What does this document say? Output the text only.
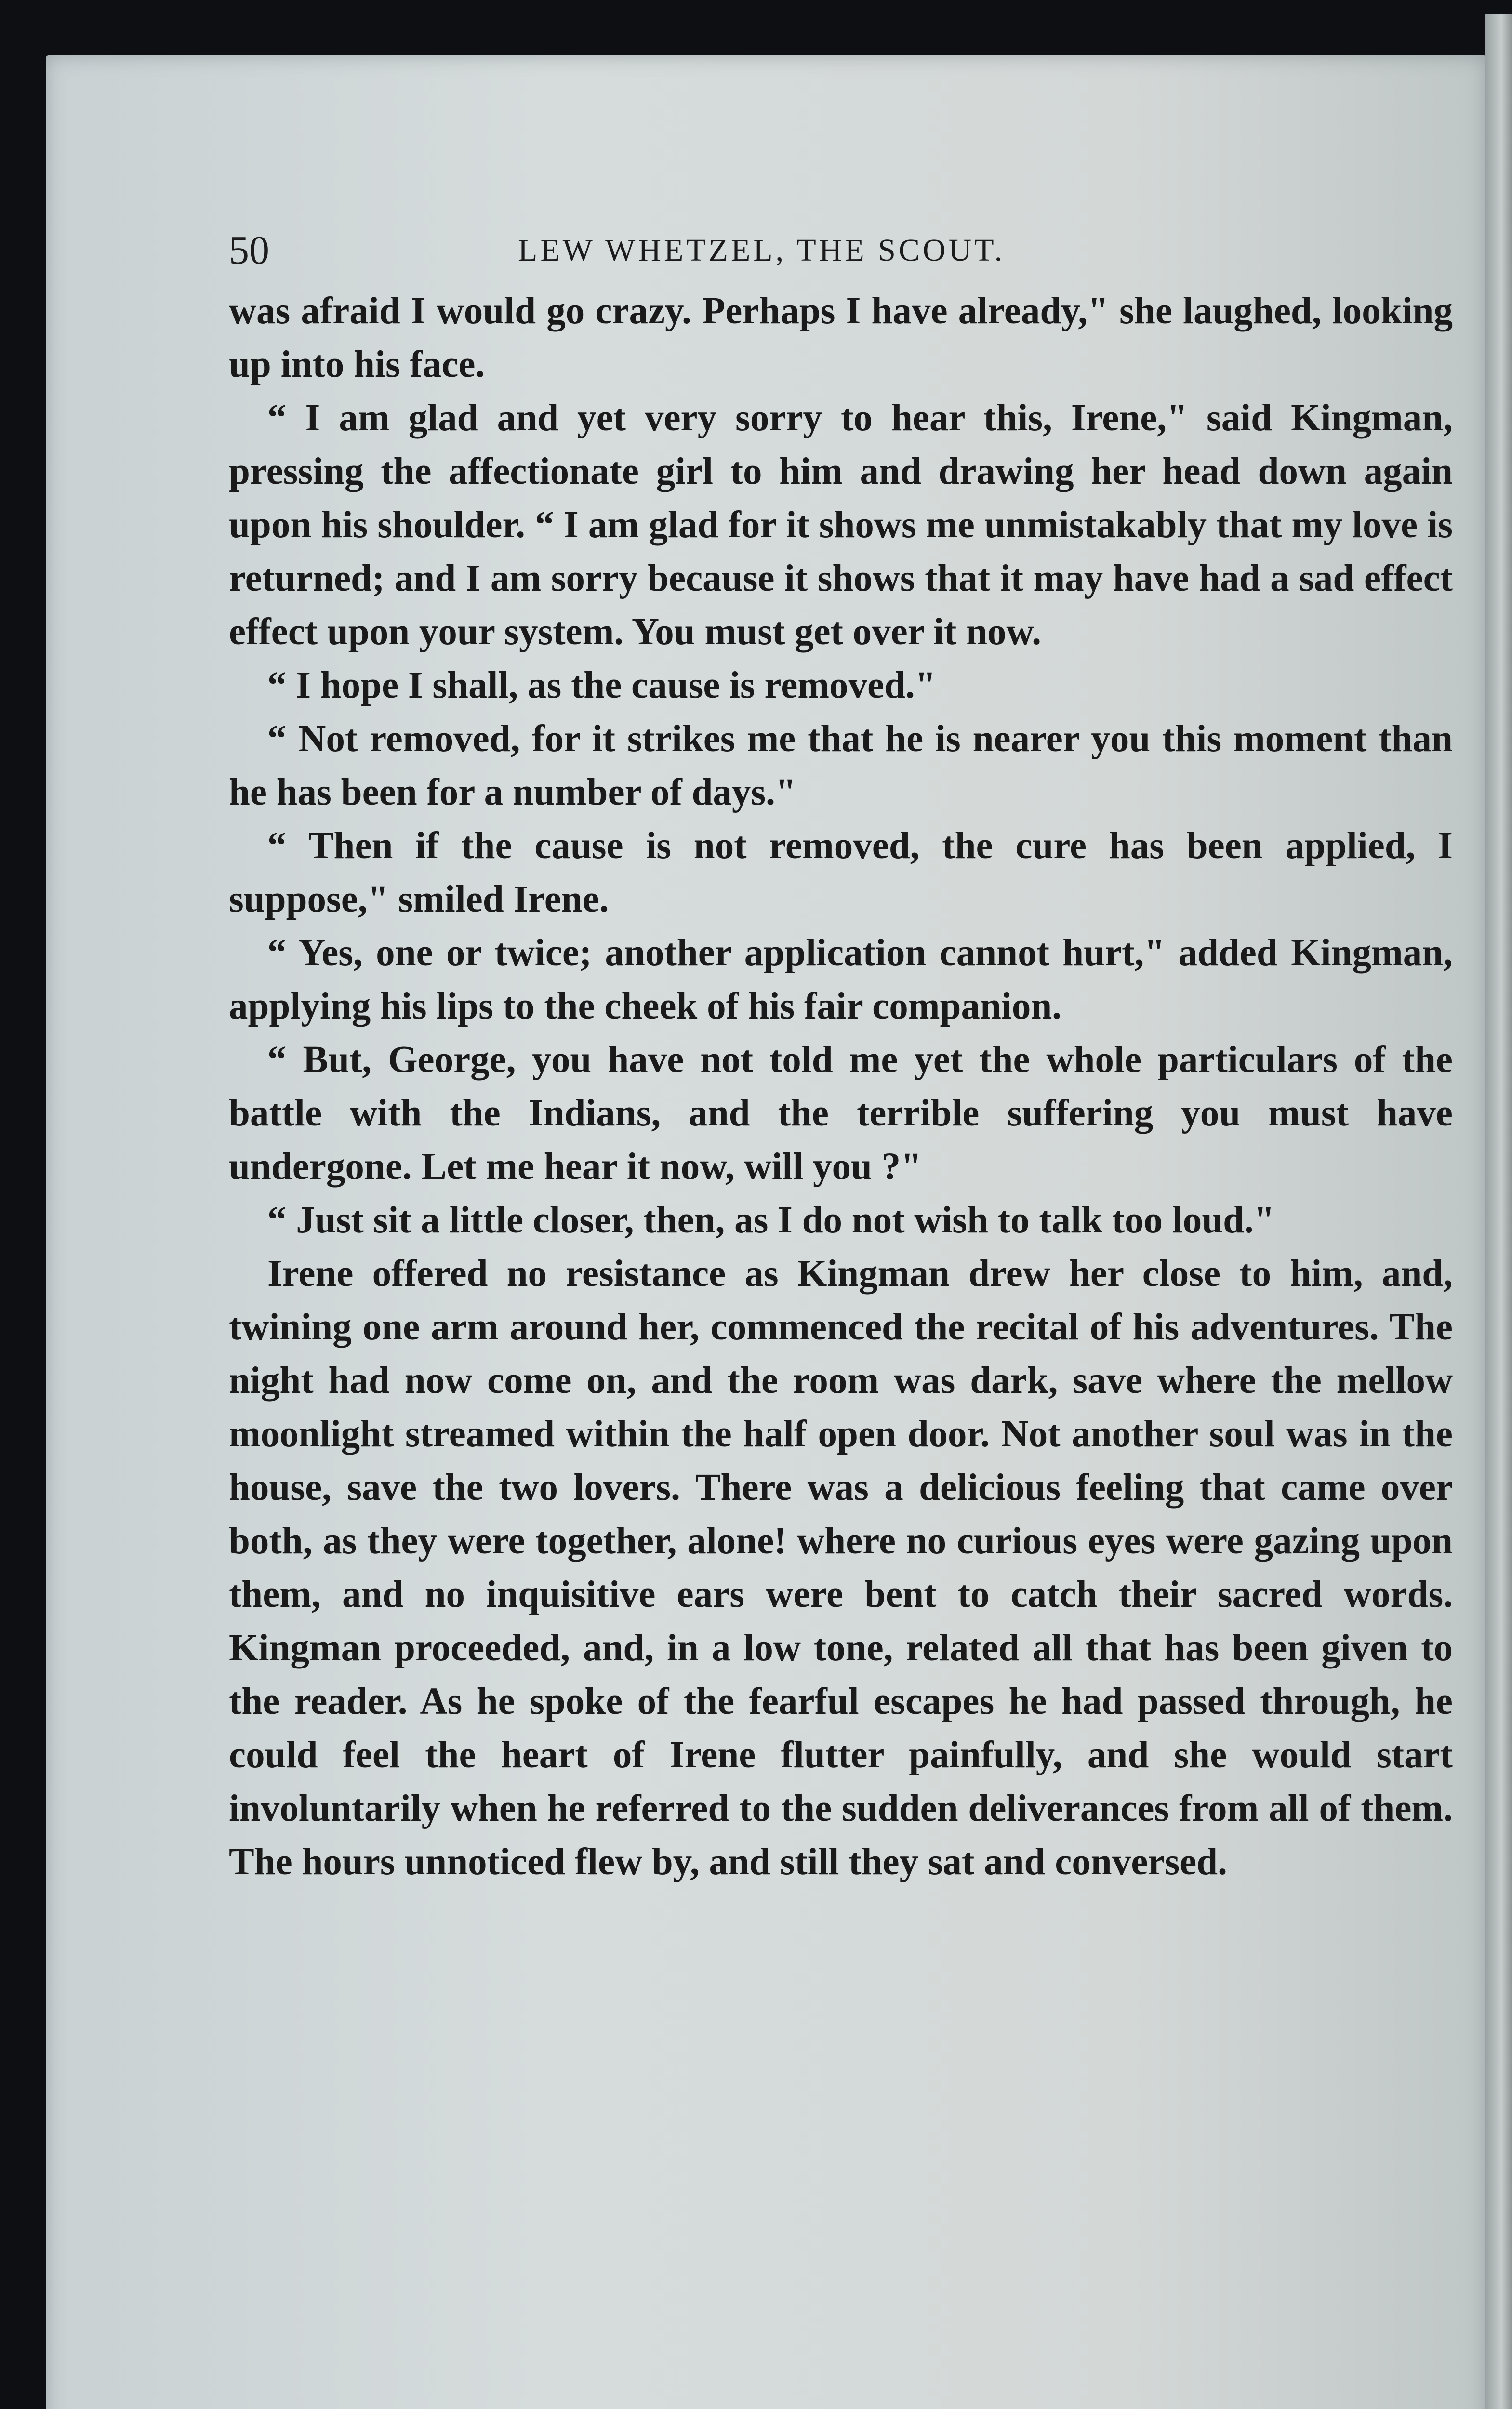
50	LEW WHETZEL, THE SCOUT.

was afraid I would go crazy. Perhaps I have already," she laughed, looking up into his face.

“ I am glad and yet very sorry to hear this, Irene," said Kingman, pressing the affectionate girl to him and drawing her head down again upon his shoulder. “ I am glad for it shows me unmistakably that my love is returned; and I am sorry because it shows that it may have had a sad effect effect upon your system. You must get over it now.

“ I hope I shall, as the cause is removed."

“ Not removed, for it strikes me that he is nearer you this moment than he has been for a number of days."

“ Then if the cause is not removed, the cure has been applied, I suppose," smiled Irene.

“ Yes, one or twice; another application cannot hurt," added Kingman, applying his lips to the cheek of his fair companion.

“ But, George, you have not told me yet the whole particulars of the battle with the Indians, and the terrible suffering you must have undergone. Let me hear it now, will you ?"

“ Just sit a little closer, then, as I do not wish to talk too loud."

Irene offered no resistance as Kingman drew her close to him, and, twining one arm around her, commenced the recital of his adventures. The night had now come on, and the room was dark, save where the mellow moonlight streamed within the half open door. Not another soul was in the house, save the two lovers. There was a delicious feeling that came over both, as they were together, alone! where no curious eyes were gazing upon them, and no inquisitive ears were bent to catch their sacred words. Kingman proceeded, and, in a low tone, related all that has been given to the reader. As he spoke of the fearful escapes he had passed through, he could feel the heart of Irene flutter painfully, and she would start involuntarily when he referred to the sudden deliverances from all of them. The hours unnoticed flew by, and still they sat and conversed.
